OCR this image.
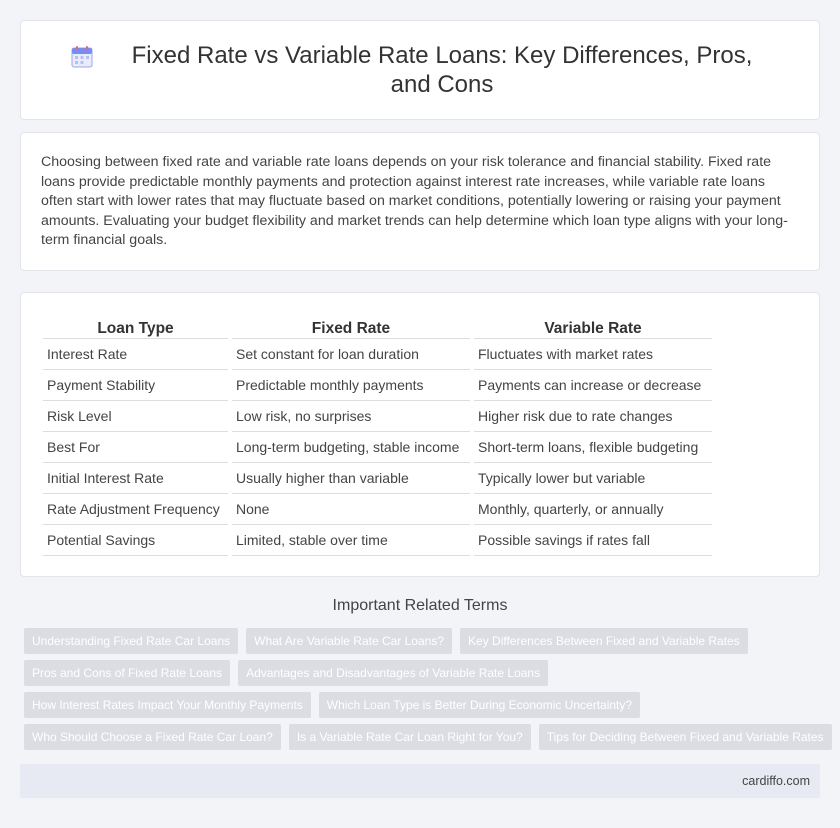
Fixed Rate vs Variable Rate Loans: Key Differences, Pros, and Cons

Choosing between fixed rate and variable rate loans depends on your risk tolerance and financial stability. Fixed rate loans provide predictable monthly payments and protection against interest rate increases, while variable rate loans often start with lower rates that may fluctuate based on market conditions, potentially lowering or raising your payment amounts. Evaluating your budget flexibility and market trends can help determine which loan type aligns with your long-term financial goals.

Loan Type	Fixed Rate	Variable Rate
Interest Rate	Set constant for loan duration	Fluctuates with market rates
Payment Stability	Predictable monthly payments	Payments can increase or decrease
Risk Level	Low risk, no surprises	Higher risk due to rate changes
Best For	Long-term budgeting, stable income	Short-term loans, flexible budgeting
Initial Interest Rate	Usually higher than variable	Typically lower but variable
Rate Adjustment Frequency	None	Monthly, quarterly, or annually
Potential Savings	Limited, stable over time	Possible savings if rates fall
Important Related Terms
Understanding Fixed Rate Car Loans	What Are Variable Rate Car Loans?	Key Differences Between Fixed and Variable Rates
Pros and Cons of Fixed Rate Loans	Advantages and Disadvantages of Variable Rate Loans
How Interest Rates Impact Your Monthly Payments	Which Loan Type is Better During Economic Uncertainty?
Who Should Choose a Fixed Rate Car Loan?	Is a Variable Rate Car Loan Right for You?	Tips for Deciding Between Fixed and Variable Rates
cardiffo.com
